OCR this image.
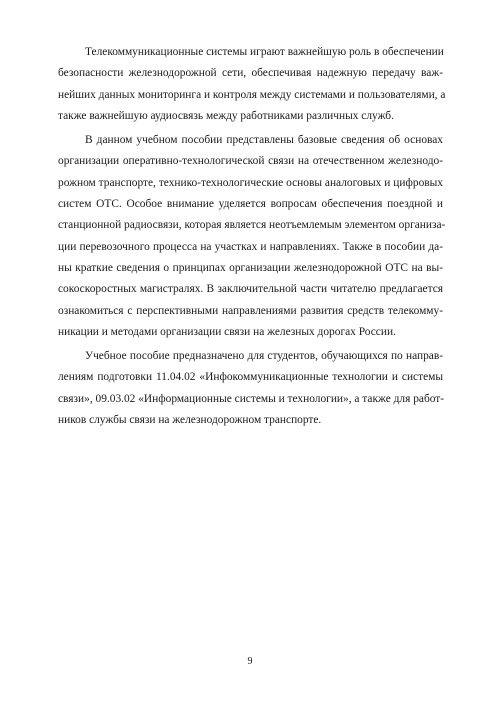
Телекоммуникационные системы играют важнейшую роль в обеспечении
безопасности железнодорожной сети, обеспечивая надежную передачу важ-
нейших данных мониторинга и контроля между системами и пользователями, а
также важнейшую аудиосвязь между работниками различных служб.

В данном учебном пособии представлены базовые сведения об основах
организации оперативно-технологической связи на отечественном железнодо-
рожном транспорте, технико-технологические основы аналоговых и цифровых
систем ОТС. Особое внимание уделяется вопросам обеспечения поездной и
станционной радиосвязи, которая является неотъемлемым элементом организа-
ции перевозочного процесса на участках и направлениях. Также в пособии да-
ны краткие сведения о принципах организации железнодорожной ОТС на вы-
сокоскоростных магистралях. В заключительной части читателю предлагается
ознакомиться с перспективными направлениями развития средств телекомму-
никации и методами организации связи на железных дорогах России.

Учебное пособие предназначено для студентов, обучающихся по направ-
лениям подготовки 11.04.02 «Инфокоммуникационные технологии и системы
связи», 09.03.02 «Информационные системы и технологии», а также для работ-
ников службы связи на железнодорожном транспорте.

9
